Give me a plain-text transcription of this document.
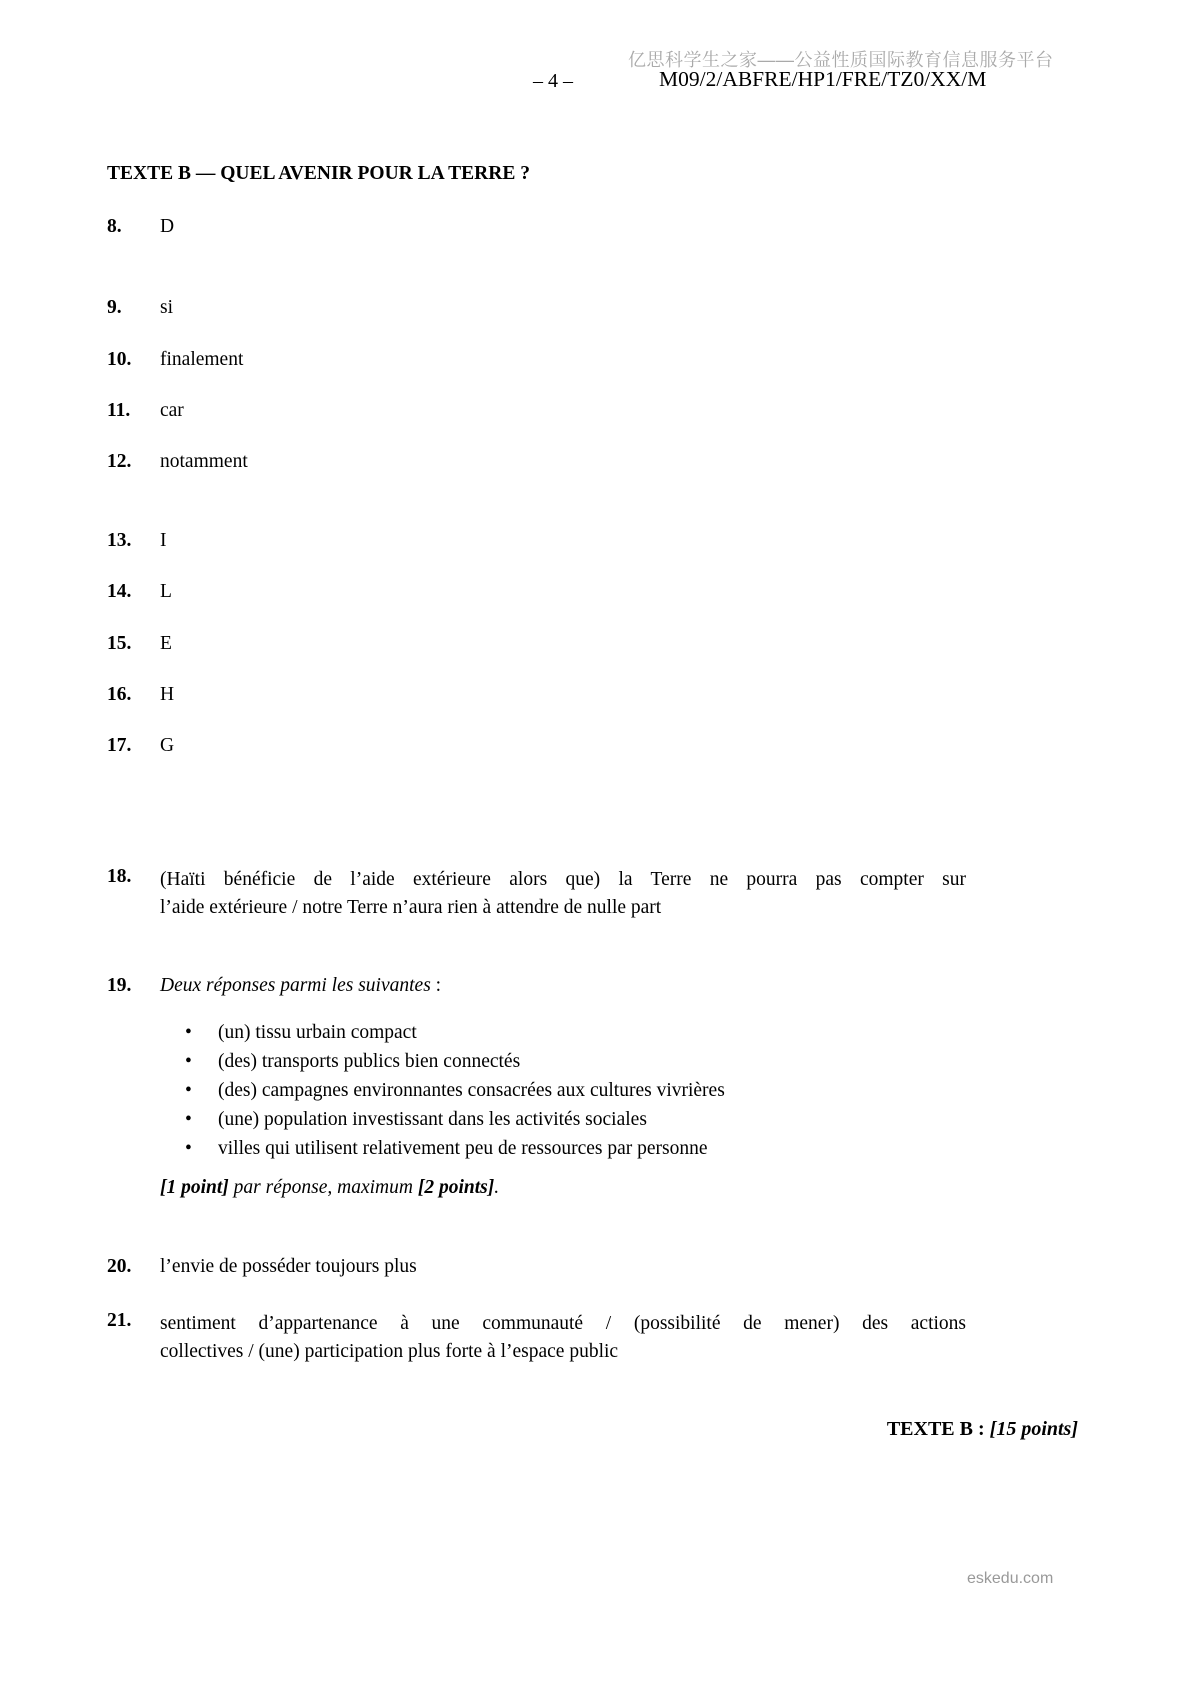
亿思科学生之家——公益性质国际教育信息服务平台
– 4 –	M09/2/ABFRE/HP1/FRE/TZ0/XX/M
TEXTE B — QUEL AVENIR POUR LA TERRE ?
8. D
9. si
10. finalement
11. car
12. notamment
13. I
14. L
15. E
16. H
17. G
18. (Haïti bénéficie de l’aide extérieure alors que) la Terre ne pourra pas compter sur
l’aide extérieure / notre Terre n’aura rien à attendre de nulle part
19. Deux réponses parmi les suivantes :
•	(un) tissu urbain compact
•	(des) transports publics bien connectés
•	(des) campagnes environnantes consacrées aux cultures vivrières
•	(une) population investissant dans les activités sociales
•	villes qui utilisent relativement peu de ressources par personne
[1 point] par réponse, maximum [2 points].
20. l’envie de posséder toujours plus
21. sentiment d’appartenance à une communauté / (possibilité de mener) des actions
collectives / (une) participation plus forte à l’espace public
TEXTE B : [15 points]
eskedu.com
